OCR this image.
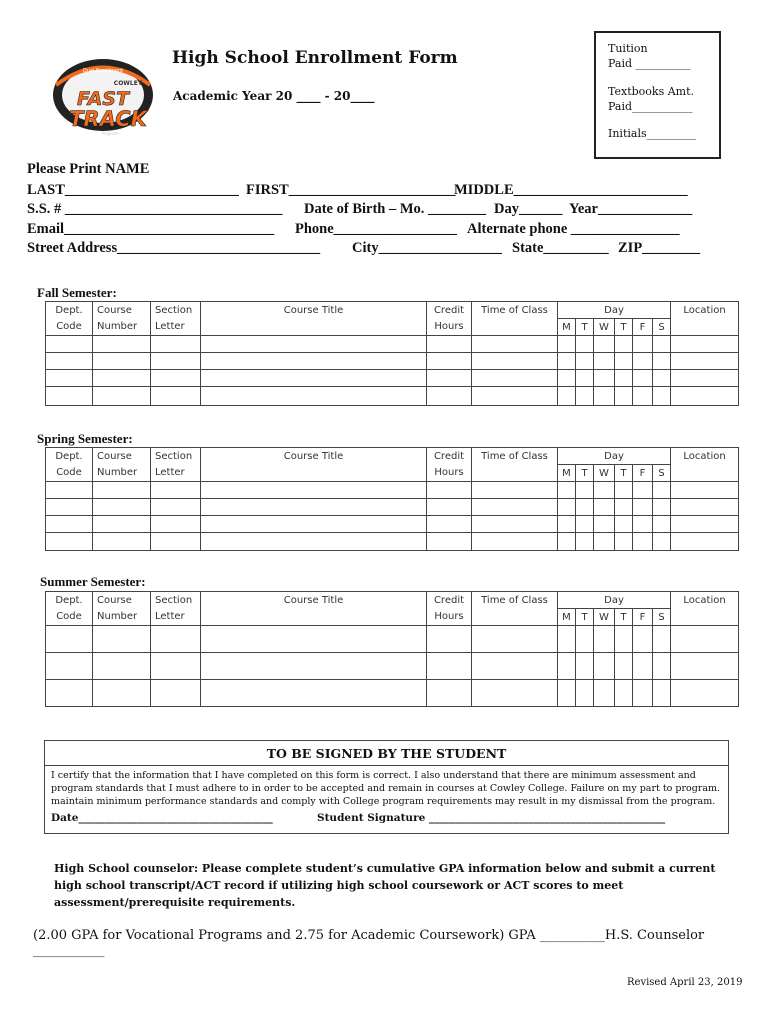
Dual Enrollment
COWLEY
FAST
TRACK
Program
High School Enrollment Form
Academic Year 20 ____ - 20____
Tuition
Paid __________
Textbooks Amt.
Paid___________
Initials_________
Please Print NAME
LAST________________________ FIRST_______________________
MIDDLE________________________
S.S. # ______________________________ Date of Birth – Mo. ________ Day______ Year_____________
Email_____________________________ Phone_________________ Alternate phone _______________
Street Address____________________________ City_________________ State_________ ZIP________
Fall Semester:
Dept.	Course	Section	Course Title	Credit	Time of Class	Day						Location
Code	Number	Letter		Hours		M	T	W	T	F	S	

Spring Semester:
Dept.	Course	Section	Course Title	Credit	Time of Class	Day						Location
Code	Number	Letter		Hours		M	T	W	T	F	S	

Summer Semester:
Dept.	Course	Section	Course Title	Credit	Time of Class	Day						Location
Code	Number	Letter		Hours		M	T	W	T	F	S	

TO BE SIGNED BY THE STUDENT
I certify that the information that I have completed on this form is correct. I also understand that there are minimum assessment and program standards that I must adhere to in order to be accepted and remain in courses at Cowley College. Failure on my part to program. maintain minimum performance standards and comply with College program requirements may result in my dismissal from the program.
Date_____________________________________	Student Signature _____________________________________________
High School counselor: Please complete student’s cumulative GPA information below and submit a current high school transcript/ACT record if utilizing high school coursework or ACT scores to meet assessment/prerequisite requirements.
(2.00 GPA for Vocational Programs and 2.75 for Academic Coursework) GPA __________H.S. Counselor ___________
Revised April 23, 2019
